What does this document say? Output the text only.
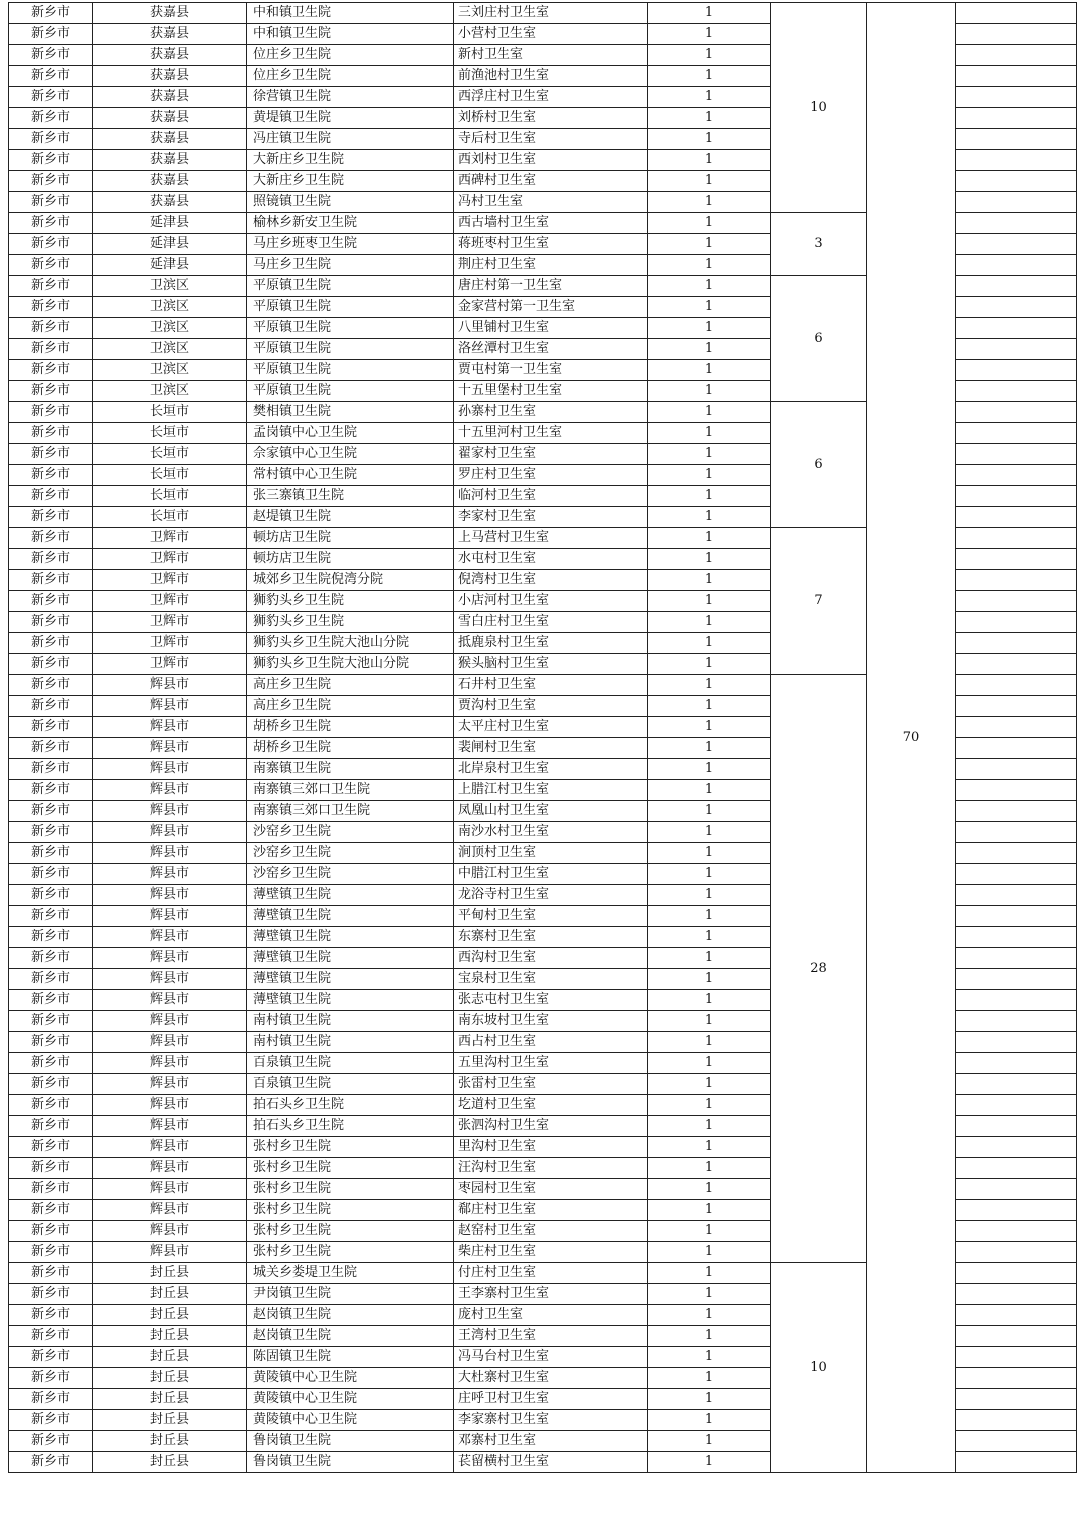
新乡市	获嘉县	中和镇卫生院	三刘庄村卫生室	1	10	70	
新乡市	获嘉县	中和镇卫生院	小营村卫生室	1			
新乡市	获嘉县	位庄乡卫生院	新村卫生室	1			
新乡市	获嘉县	位庄乡卫生院	前渔池村卫生室	1			
新乡市	获嘉县	徐营镇卫生院	西浮庄村卫生室	1			
新乡市	获嘉县	黄堤镇卫生院	刘桥村卫生室	1			
新乡市	获嘉县	冯庄镇卫生院	寺后村卫生室	1			
新乡市	获嘉县	大新庄乡卫生院	西刘村卫生室	1			
新乡市	获嘉县	大新庄乡卫生院	西碑村卫生室	1			
新乡市	获嘉县	照镜镇卫生院	冯村卫生室	1			
新乡市	延津县	榆林乡新安卫生院	西古墙村卫生室	1	3		
新乡市	延津县	马庄乡班枣卫生院	蒋班枣村卫生室	1			
新乡市	延津县	马庄乡卫生院	荆庄村卫生室	1			
新乡市	卫滨区	平原镇卫生院	唐庄村第一卫生室	1	6		
新乡市	卫滨区	平原镇卫生院	金家营村第一卫生室	1			
新乡市	卫滨区	平原镇卫生院	八里铺村卫生室	1			
新乡市	卫滨区	平原镇卫生院	洛丝潭村卫生室	1			
新乡市	卫滨区	平原镇卫生院	贾屯村第一卫生室	1			
新乡市	卫滨区	平原镇卫生院	十五里堡村卫生室	1			
新乡市	长垣市	樊相镇卫生院	孙寨村卫生室	1	6		
新乡市	长垣市	孟岗镇中心卫生院	十五里河村卫生室	1			
新乡市	长垣市	佘家镇中心卫生院	翟家村卫生室	1			
新乡市	长垣市	常村镇中心卫生院	罗庄村卫生室	1			
新乡市	长垣市	张三寨镇卫生院	临河村卫生室	1			
新乡市	长垣市	赵堤镇卫生院	李家村卫生室	1			
新乡市	卫辉市	顿坊店卫生院	上马营村卫生室	1	7		
新乡市	卫辉市	顿坊店卫生院	水屯村卫生室	1			
新乡市	卫辉市	城郊乡卫生院倪湾分院	倪湾村卫生室	1			
新乡市	卫辉市	狮豹头乡卫生院	小店河村卫生室	1			
新乡市	卫辉市	狮豹头乡卫生院	雪白庄村卫生室	1			
新乡市	卫辉市	狮豹头乡卫生院大池山分院	抵鹿泉村卫生室	1			
新乡市	卫辉市	狮豹头乡卫生院大池山分院	猴头脑村卫生室	1			
新乡市	辉县市	高庄乡卫生院	石井村卫生室	1	28		
新乡市	辉县市	高庄乡卫生院	贾沟村卫生室	1			
新乡市	辉县市	胡桥乡卫生院	太平庄村卫生室	1			
新乡市	辉县市	胡桥乡卫生院	裴闸村卫生室	1			
新乡市	辉县市	南寨镇卫生院	北岸泉村卫生室	1			
新乡市	辉县市	南寨镇三郊口卫生院	上腊江村卫生室	1			
新乡市	辉县市	南寨镇三郊口卫生院	凤凰山村卫生室	1			
新乡市	辉县市	沙窑乡卫生院	南沙水村卫生室	1			
新乡市	辉县市	沙窑乡卫生院	涧顶村卫生室	1			
新乡市	辉县市	沙窑乡卫生院	中腊江村卫生室	1			
新乡市	辉县市	薄壁镇卫生院	龙浴寺村卫生室	1			
新乡市	辉县市	薄壁镇卫生院	平甸村卫生室	1			
新乡市	辉县市	薄壁镇卫生院	东寨村卫生室	1			
新乡市	辉县市	薄壁镇卫生院	西沟村卫生室	1			
新乡市	辉县市	薄壁镇卫生院	宝泉村卫生室	1			
新乡市	辉县市	薄壁镇卫生院	张志屯村卫生室	1			
新乡市	辉县市	南村镇卫生院	南东坡村卫生室	1			
新乡市	辉县市	南村镇卫生院	西占村卫生室	1			
新乡市	辉县市	百泉镇卫生院	五里沟村卫生室	1			
新乡市	辉县市	百泉镇卫生院	张雷村卫生室	1			
新乡市	辉县市	拍石头乡卫生院	圪道村卫生室	1			
新乡市	辉县市	拍石头乡卫生院	张泗沟村卫生室	1			
新乡市	辉县市	张村乡卫生院	里沟村卫生室	1			
新乡市	辉县市	张村乡卫生院	汪沟村卫生室	1			
新乡市	辉县市	张村乡卫生院	枣园村卫生室	1			
新乡市	辉县市	张村乡卫生院	郗庄村卫生室	1			
新乡市	辉县市	张村乡卫生院	赵窑村卫生室	1			
新乡市	辉县市	张村乡卫生院	柴庄村卫生室	1			
新乡市	封丘县	城关乡娄堤卫生院	付庄村卫生室	1	10		
新乡市	封丘县	尹岗镇卫生院	王李寨村卫生室	1			
新乡市	封丘县	赵岗镇卫生院	庞村卫生室	1			
新乡市	封丘县	赵岗镇卫生院	王湾村卫生室	1			
新乡市	封丘县	陈固镇卫生院	冯马台村卫生室	1			
新乡市	封丘县	黄陵镇中心卫生院	大杜寨村卫生室	1			
新乡市	封丘县	黄陵镇中心卫生院	庄呼卫村卫生室	1			
新乡市	封丘县	黄陵镇中心卫生院	李家寨村卫生室	1			
新乡市	封丘县	鲁岗镇卫生院	邓寨村卫生室	1			
新乡市	封丘县	鲁岗镇卫生院	苌留横村卫生室	1			
